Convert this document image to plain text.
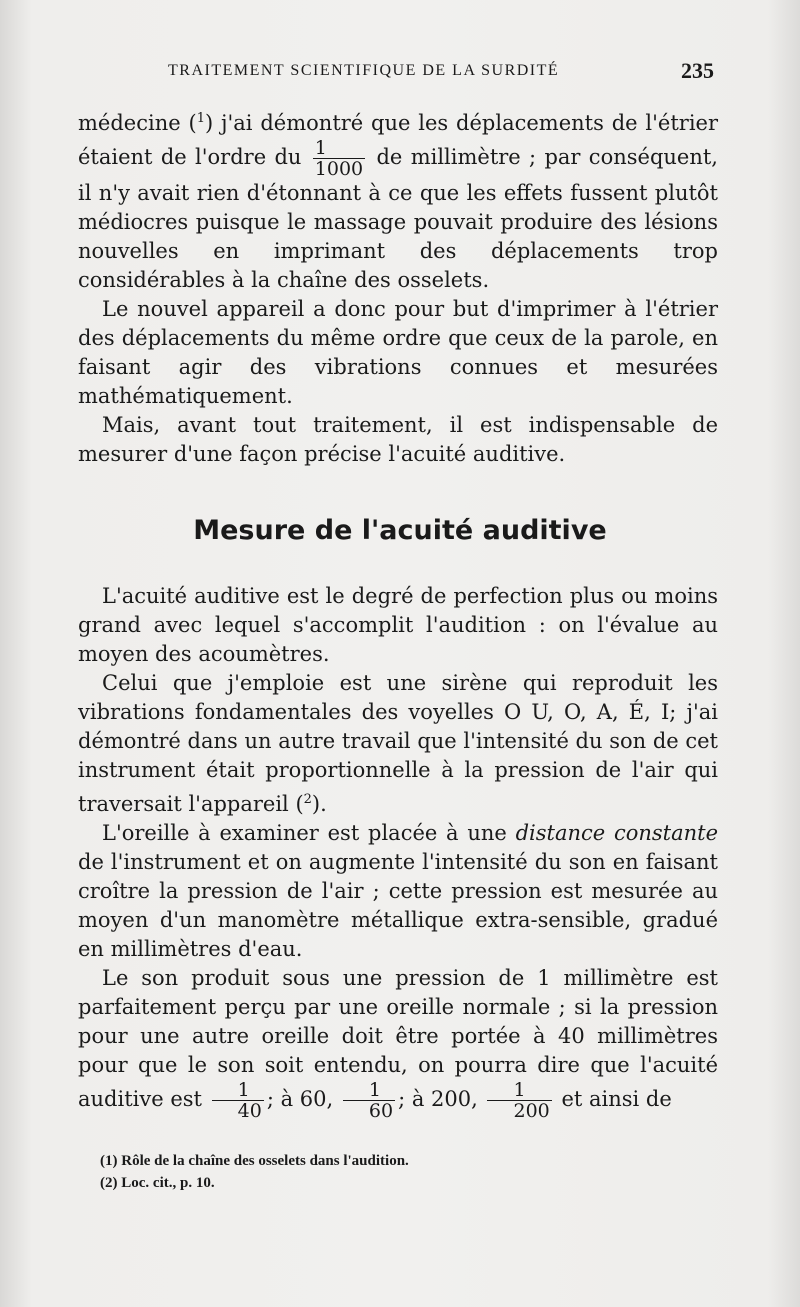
TRAITEMENT SCIENTIFIQUE DE LA SURDITÉ	235

médecine ($^1$) j'ai démontré que les déplacements de l'étrier étaient de l'ordre du $\frac{1}{1000}$ de millimètre ; par conséquent, il n'y avait rien d'étonnant à ce que les effets fussent plutôt médiocres puisque le massage pouvait produire des lésions nouvelles en imprimant des déplacements trop considérables à la chaîne des osselets.

Le nouvel appareil a donc pour but d'imprimer à l'étrier des déplacements du même ordre que ceux de la parole, en faisant agir des vibrations connues et mesurées mathématiquement.

Mais, avant tout traitement, il est indispensable de mesurer d'une façon précise l'acuité auditive.

Mesure de l'acuité auditive

L'acuité auditive est le degré de perfection plus ou moins grand avec lequel s'accomplit l'audition : on l'évalue au moyen des acoumètres.

Celui que j'emploie est une sirène qui reproduit les vibrations fondamentales des voyelles O U, O, A, É, I; j'ai démontré dans un autre travail que l'intensité du son de cet instrument était proportionnelle à la pression de l'air qui traversait l'appareil ($^2$).

L'oreille à examiner est placée à une distance constante de l'instrument et on augmente l'intensité du son en faisant croître la pression de l'air ; cette pression est mesurée au moyen d'un manomètre métallique extra-sensible, gradué en millimètres d'eau.

Le son produit sous une pression de 1 millimètre est parfaitement perçu par une oreille normale ; si la pression pour une autre oreille doit être portée à 40 millimètres pour que le son soit entendu, on pourra dire que l'acuité auditive est $\frac{1}{40}$ ; à 60, $\frac{1}{60}$ ; à 200, $\frac{1}{200}$ et ainsi de

(1) Rôle de la chaîne des osselets dans l'audition.

(2) Loc. cit., p. 10.
